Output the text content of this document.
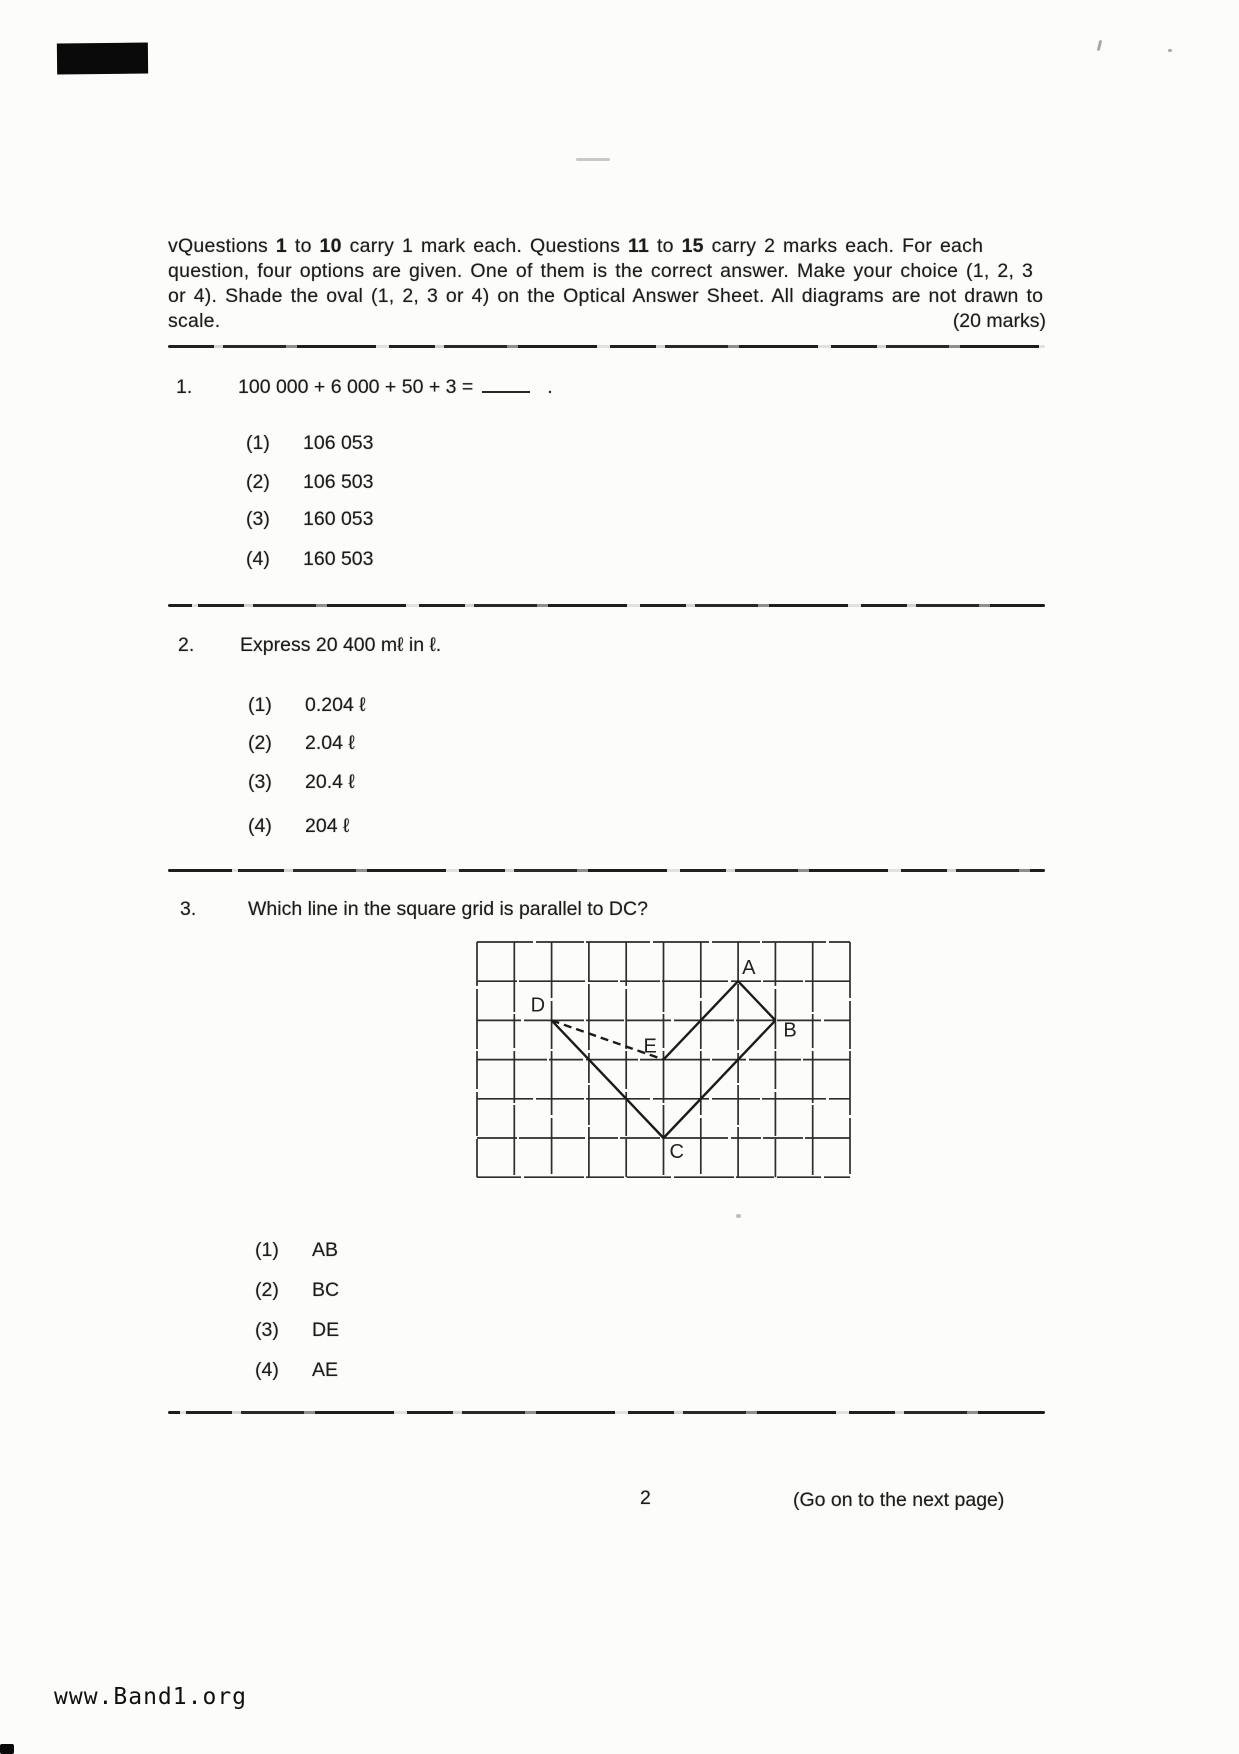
vQuestions 1 to 10 carry 1 mark each. Questions 11 to 15 carry 2 marks each. For each
question, four options are given. One of them is the correct answer. Make your choice (1, 2, 3
or 4). Shade the oval (1, 2, 3 or 4) on the Optical Answer Sheet. All diagrams are not drawn to
scale.	(20 marks)
1. 100 000 + 6 000 + 50 + 3 =	.
(1) 106 053
(2) 106 503
(3) 160 053
(4) 160 503
2. Express 20 400 mℓ in ℓ.
(1) 0.204 ℓ
(2) 2.04 ℓ
(3) 20.4 ℓ
(4) 204 ℓ
3.	Which line in the square grid is parallel to DC?
A
B
C
D
E
(1) AB
(2) BC
(3) DE
(4) AE
2	(Go on to the next page)
www.Band1.org
